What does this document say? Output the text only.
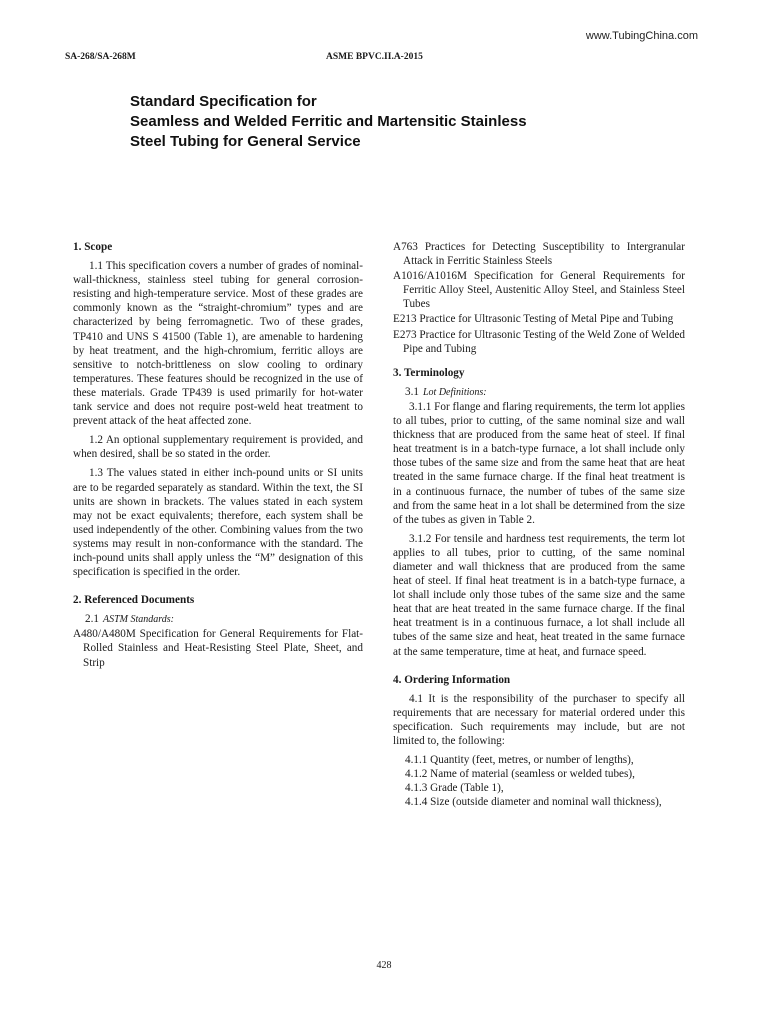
www.TubingChina.com
SA-268/SA-268M	ASME BPVC.II.A-2015
Standard Specification for
Seamless and Welded Ferritic and Martensitic Stainless
Steel Tubing for General Service
1. Scope

1.1 This specification covers a number of grades of nominal-wall-thickness, stainless steel tubing for general corrosion-resisting and high-temperature service. Most of these grades are commonly known as the “straight-chromium” types and are characterized by being ferromagnetic. Two of these grades, TP410 and UNS S 41500 (Table 1), are amenable to hardening by heat treatment, and the high-chromium, ferritic alloys are sensitive to notch-brittleness on slow cooling to ordinary temperatures. These features should be recognized in the use of these materials. Grade TP439 is used primarily for hot-water tank service and does not require post-weld heat treatment to prevent attack of the heat affected zone.

1.2 An optional supplementary requirement is provided, and when desired, shall be so stated in the order.

1.3 The values stated in either inch-pound units or SI units are to be regarded separately as standard. Within the text, the SI units are shown in brackets. The values stated in each system may not be exact equivalents; therefore, each system shall be used independently of the other. Combining values from the two systems may result in non-conformance with the standard. The inch-pound units shall apply unless the “M” designation of this specification is specified in the order.

2. Referenced Documents
2.1 ASTM Standards:
A480/A480M Specification for General Requirements for Flat-Rolled Stainless and Heat-Resisting Steel Plate, Sheet, and Strip
A763 Practices for Detecting Susceptibility to Intergranular Attack in Ferritic Stainless Steels
A1016/A1016M Specification for General Requirements for Ferritic Alloy Steel, Austenitic Alloy Steel, and Stainless Steel Tubes
E213 Practice for Ultrasonic Testing of Metal Pipe and Tubing
E273 Practice for Ultrasonic Testing of the Weld Zone of Welded Pipe and Tubing
3. Terminology
3.1 Lot Definitions:

3.1.1 For flange and flaring requirements, the term lot applies to all tubes, prior to cutting, of the same nominal size and wall thickness that are produced from the same heat of steel. If final heat treatment is in a batch-type furnace, a lot shall include only those tubes of the same size and from the same heat that are heat treated in the same furnace charge. If the final heat treatment is in a continuous furnace, the number of tubes of the same size and from the same heat in a lot shall be determined from the size of the tubes as given in Table 2.

3.1.2 For tensile and hardness test requirements, the term lot applies to all tubes, prior to cutting, of the same nominal diameter and wall thickness that are produced from the same heat of steel. If final heat treatment is in a batch-type furnace, a lot shall include only those tubes of the same size and the same heat that are heat treated in the same furnace charge. If the final heat treatment is in a continuous furnace, a lot shall include all tubes of the same size and heat, heat treated in the same furnace at the same temperature, time at heat, and furnace speed.

4. Ordering Information

4.1 It is the responsibility of the purchaser to specify all requirements that are necessary for material ordered under this specification. Such requirements may include, but are not limited to, the following:

4.1.1 Quantity (feet, metres, or number of lengths),
4.1.2 Name of material (seamless or welded tubes),
4.1.3 Grade (Table 1),
4.1.4 Size (outside diameter and nominal wall thickness),
428
